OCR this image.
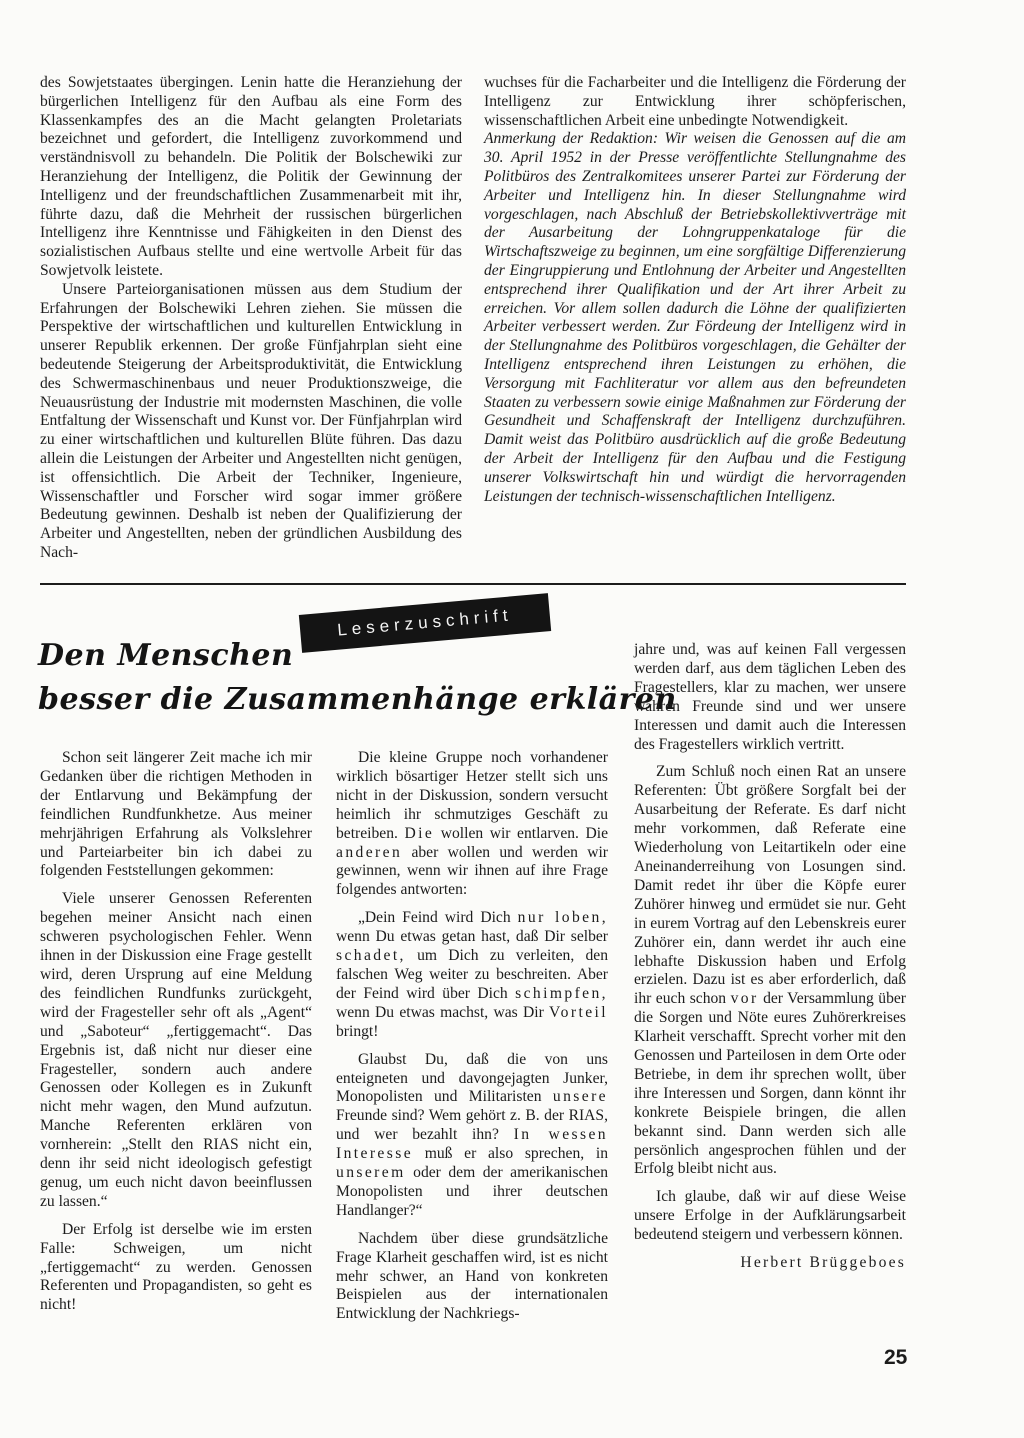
des Sowjetstaates übergingen. Lenin hatte die Heranziehung der bürgerlichen Intelligenz für den Aufbau als eine Form des Klassenkampfes des an die Macht gelangten Proletariats bezeichnet und gefordert, die Intelligenz zuvorkommend und verständnisvoll zu behandeln. Die Politik der Bolschewiki zur Heranziehung der Intelligenz, die Politik der Gewinnung der Intelligenz und der freundschaftlichen Zusammenarbeit mit ihr, führte dazu, daß die Mehrheit der russischen bürgerlichen Intelligenz ihre Kenntnisse und Fähigkeiten in den Dienst des sozialistischen Aufbaus stellte und eine wertvolle Arbeit für das Sowjetvolk leistete.

Unsere Parteiorganisationen müssen aus dem Studium der Erfahrungen der Bolschewiki Lehren ziehen. Sie müssen die Perspektive der wirtschaftlichen und kulturellen Entwicklung in unserer Republik erkennen. Der große Fünfjahrplan sieht eine bedeutende Steigerung der Arbeitsproduktivität, die Entwicklung des Schwermaschinenbaus und neuer Produktionszweige, die Neuausrüstung der Industrie mit modernsten Maschinen, die volle Entfaltung der Wissenschaft und Kunst vor. Der Fünfjahrplan wird zu einer wirtschaftlichen und kulturellen Blüte führen. Das dazu allein die Leistungen der Arbeiter und Angestellten nicht genügen, ist offensichtlich. Die Arbeit der Techniker, Ingenieure, Wissenschaftler und Forscher wird sogar immer größere Bedeutung gewinnen. Deshalb ist neben der Qualifizierung der Arbeiter und Angestellten, neben der gründlichen Ausbildung des Nach-

wuchses für die Facharbeiter und die Intelligenz die Förderung der Intelligenz zur Entwicklung ihrer schöpferischen, wissenschaftlichen Arbeit eine unbedingte Notwendigkeit.

Anmerkung der Redaktion: Wir weisen die Genossen auf die am 30. April 1952 in der Presse veröffentlichte Stellungnahme des Politbüros des Zentralkomitees unserer Partei zur Förderung der Arbeiter und Intelligenz hin. In dieser Stellungnahme wird vorgeschlagen, nach Abschluß der Betriebskollektivverträge mit der Ausarbeitung der Lohngruppenkataloge für die Wirtschaftszweige zu beginnen, um eine sorgfältige Differenzierung der Eingruppierung und Entlohnung der Arbeiter und Angestellten entsprechend ihrer Qualifikation und der Art ihrer Arbeit zu erreichen. Vor allem sollen dadurch die Löhne der qualifizierten Arbeiter verbessert werden. Zur Fördeung der Intelligenz wird in der Stellungnahme des Politbüros vorgeschlagen, die Gehälter der Intelligenz entsprechend ihren Leistungen zu erhöhen, die Versorgung mit Fachliteratur vor allem aus den befreundeten Staaten zu verbessern sowie einige Maßnahmen zur Förderung der Gesundheit und Schaffenskraft der Intelligenz durchzuführen. Damit weist das Politbüro ausdrücklich auf die große Bedeutung der Arbeit der Intelligenz für den Aufbau und die Festigung unserer Volkswirtschaft hin und würdigt die hervorragenden Leistungen der technisch-wissenschaftlichen Intelligenz.

Leserzuschrift
Den Menschen
besser die Zusammenhänge erklären

Schon seit längerer Zeit mache ich mir Gedanken über die richtigen Methoden in der Entlarvung und Bekämpfung der feindlichen Rundfunkhetze. Aus meiner mehrjährigen Erfahrung als Volkslehrer und Parteiarbeiter bin ich dabei zu folgenden Feststellungen gekommen:

Viele unserer Genossen Referenten begehen meiner Ansicht nach einen schweren psychologischen Fehler. Wenn ihnen in der Diskussion eine Frage gestellt wird, deren Ursprung auf eine Meldung des feindlichen Rundfunks zurückgeht, wird der Fragesteller sehr oft als „Agent“ und „Saboteur“ „fertiggemacht“. Das Ergebnis ist, daß nicht nur dieser eine Fragesteller, sondern auch andere Genossen oder Kollegen es in Zukunft nicht mehr wagen, den Mund aufzutun. Manche Referenten erklären von vornherein: „Stellt den RIAS nicht ein, denn ihr seid nicht ideologisch gefestigt genug, um euch nicht davon beeinflussen zu lassen.“

Der Erfolg ist derselbe wie im ersten Falle: Schweigen, um nicht „fertiggemacht“ zu werden. Genossen Referenten und Propagandisten, so geht es nicht!

Die kleine Gruppe noch vorhandener wirklich bösartiger Hetzer stellt sich uns nicht in der Diskussion, sondern versucht heimlich ihr schmutziges Geschäft zu betreiben. Die wollen wir entlarven. Die anderen aber wollen und werden wir gewinnen, wenn wir ihnen auf ihre Frage folgendes antworten:

„Dein Feind wird Dich nur loben, wenn Du etwas getan hast, daß Dir selber schadet, um Dich zu verleiten, den falschen Weg weiter zu beschreiten. Aber der Feind wird über Dich schimpfen, wenn Du etwas machst, was Dir Vorteil bringt!

Glaubst Du, daß die von uns enteigneten und davongejagten Junker, Monopolisten und Militaristen unsere Freunde sind? Wem gehört z. B. der RIAS, und wer bezahlt ihn? In wessen Interesse muß er also sprechen, in unserem oder dem der amerikanischen Monopolisten und ihrer deutschen Handlanger?“

Nachdem über diese grundsätzliche Frage Klarheit geschaffen wird, ist es nicht mehr schwer, an Hand von konkreten Beispielen aus der internationalen Entwicklung der Nachkriegs-

jahre und, was auf keinen Fall vergessen werden darf, aus dem täglichen Leben des Fragestellers, klar zu machen, wer unsere wahren Freunde sind und wer unsere Interessen und damit auch die Interessen des Fragestellers wirklich vertritt.

Zum Schluß noch einen Rat an unsere Referenten: Übt größere Sorgfalt bei der Ausarbeitung der Referate. Es darf nicht mehr vorkommen, daß Referate eine Wiederholung von Leitartikeln oder eine Aneinanderreihung von Losungen sind. Damit redet ihr über die Köpfe eurer Zuhörer hinweg und ermüdet sie nur. Geht in eurem Vortrag auf den Lebenskreis eurer Zuhörer ein, dann werdet ihr auch eine lebhafte Diskussion haben und Erfolg erzielen. Dazu ist es aber erforderlich, daß ihr euch schon vor der Versammlung über die Sorgen und Nöte eures Zuhörerkreises Klarheit verschafft. Sprecht vorher mit den Genossen und Parteilosen in dem Orte oder Betriebe, in dem ihr sprechen wollt, über ihre Interessen und Sorgen, dann könnt ihr konkrete Beispiele bringen, die allen bekannt sind. Dann werden sich alle persönlich angesprochen fühlen und der Erfolg bleibt nicht aus.

Ich glaube, daß wir auf diese Weise unsere Erfolge in der Aufklärungsarbeit bedeutend steigern und verbessern können.

Herbert Brüggeboes

25
